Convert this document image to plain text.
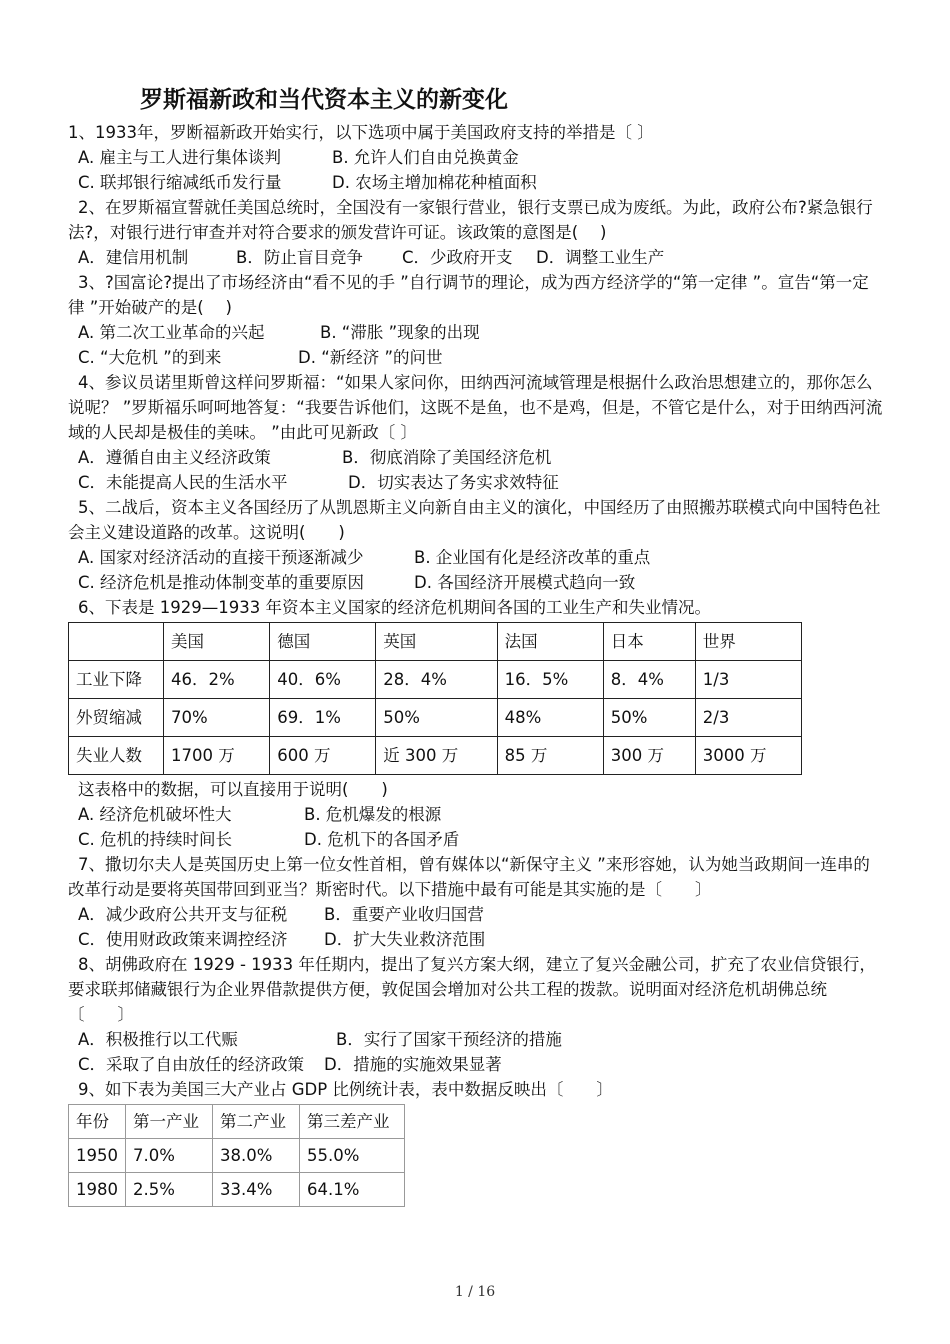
罗斯福新政和当代资本主义的新变化

1、1933年，罗断福新政开始实行，以下选项中属于美国政府支持的举措是〔 〕

A. 雇主与工人进行集体谈判	B. 允许人们自由兑换黄金
C. 联邦银行缩减纸币发行量	D. 农场主增加棉花种植面积

2、在罗斯福宣誓就任美国总统时，全国没有一家银行营业，银行支票已成为废纸。为此，政府公布?紧急银行法?，对银行进行审查并对符合要求的颁发营许可证。该政策的意图是(　 )

A．建信用机制	B．防止盲目竞争	C．少政府开支	D．调整工业生产

3、?国富论?提出了市场经济由“看不见的手 ”自行调节的理论，成为西方经济学的“第一定律 ”。宣告“第一定律 ”开始破产的是(　 )

A. 第二次工业革命的兴起	B. “滞胀 ”现象的出现
C. “大危机 ”的到来	D. “新经济 ”的问世

4、参议员诺里斯曾这样问罗斯福：“如果人家问你，田纳西河流域管理是根据什么政治思想建立的，那你怎么说呢？ ”罗斯福乐呵呵地答复：“我要告诉他们，这既不是鱼，也不是鸡，但是，不管它是什么，对于田纳西河流域的人民却是极佳的美味。 ”由此可见新政〔 〕

A．遵循自由主义经济政策	B．彻底消除了美国经济危机
C．未能提高人民的生活水平	D．切实表达了务实求效特征

5、二战后，资本主义各国经历了从凯恩斯主义向新自由主义的演化，中国经历了由照搬苏联模式向中国特色社会主义建设道路的改革。这说明(　　)

A. 国家对经济活动的直接干预逐渐减少	B. 企业国有化是经济改革的重点
C. 经济危机是推动体制变革的重要原因	D. 各国经济开展模式趋向一致

6、下表是 1929—1933 年资本主义国家的经济危机期间各国的工业生产和失业情况。

	美国	德国	英国	法国	日本	世界
工业下降	46．2%	40．6%	28．4%	16．5%	8．4%	1/3
外贸缩减	70%	69．1%	50%	48%	50%	2/3
失业人数	1700 万	600 万	近 300 万	85 万	300 万	3000 万

这表格中的数据，可以直接用于说明(　　)

A. 经济危机破坏性大	B. 危机爆发的根源
C. 危机的持续时间长	D. 危机下的各国矛盾

7、撒切尔夫人是英国历史上第一位女性首相，曾有媒体以“新保守主义 ”来形容她，认为她当政期间一连串的改革行动是要将英国带回到亚当？斯密时代。以下措施中最有可能是其实施的是〔　　〕

A．减少政府公共开支与征税	B．重要产业收归国营
C．使用财政政策来调控经济	D．扩大失业救济范围

8、胡佛政府在 1929 - 1933 年任期内，提出了复兴方案大纲，建立了复兴金融公司，扩充了农业信贷银行，要求联邦储藏银行为企业界借款提供方便，敦促国会增加对公共工程的拨款。说明面对经济危机胡佛总统〔　　〕

A．积极推行以工代赈	B．实行了国家干预经济的措施
C．采取了自由放任的经济政策	D．措施的实施效果显著

9、如下表为美国三大产业占 GDP 比例统计表，表中数据反映出〔　　〕

年份	第一产业	第二产业	第三差产业
1950	7.0%	38.0%	55.0%
1980	2.5%	33.4%	64.1%
1 / 16
